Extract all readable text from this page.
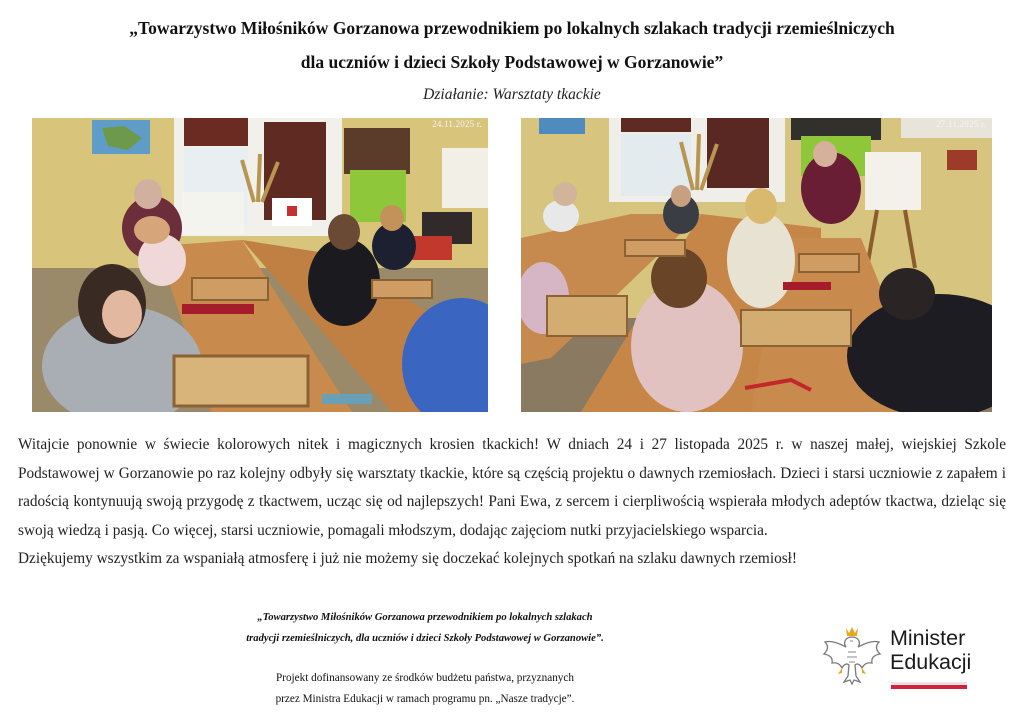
„Towarzystwo Miłośników Gorzanowa przewodnikiem po lokalnych szlakach tradycji rzemieślniczych
dla uczniów i dzieci Szkoły Podstawowej w Gorzanowie”
Działanie: Warsztaty tkackie
24.11.2025 r.	27.11.2025 r.

Witajcie ponownie w świecie kolorowych nitek i magicznych krosien tkackich! W dniach 24 i 27 listopada 2025 r. w naszej małej, wiejskiej Szkole Podstawowej w Gorzanowie po raz kolejny odbyły się warsztaty tkackie, które są częścią projektu o dawnych rzemiosłach. Dzieci i starsi uczniowie z zapałem i radością kontynuują swoją przygodę z tkactwem, ucząc się od najlepszych! Pani Ewa, z sercem i cierpliwością wspierała młodych adeptów tkactwa, dzieląc się swoją wiedzą i pasją. Co więcej, starsi uczniowie, pomagali młodszym, dodając zajęciom nutki przyjacielskiego wsparcia.

Dziękujemy wszystkim za wspaniałą atmosferę i już nie możemy się doczekać kolejnych spotkań na szlaku dawnych rzemiosł!

„Towarzystwo Miłośników Gorzanowa przewodnikiem po lokalnych szlakach
tradycji rzemieślniczych, dla uczniów i dzieci Szkoły Podstawowej w Gorzanowie”.
Projekt dofinansowany ze środków budżetu państwa, przyznanych
przez Ministra Edukacji w ramach programu pn. „Nasze tradycje”.
Minister
Edukacji
